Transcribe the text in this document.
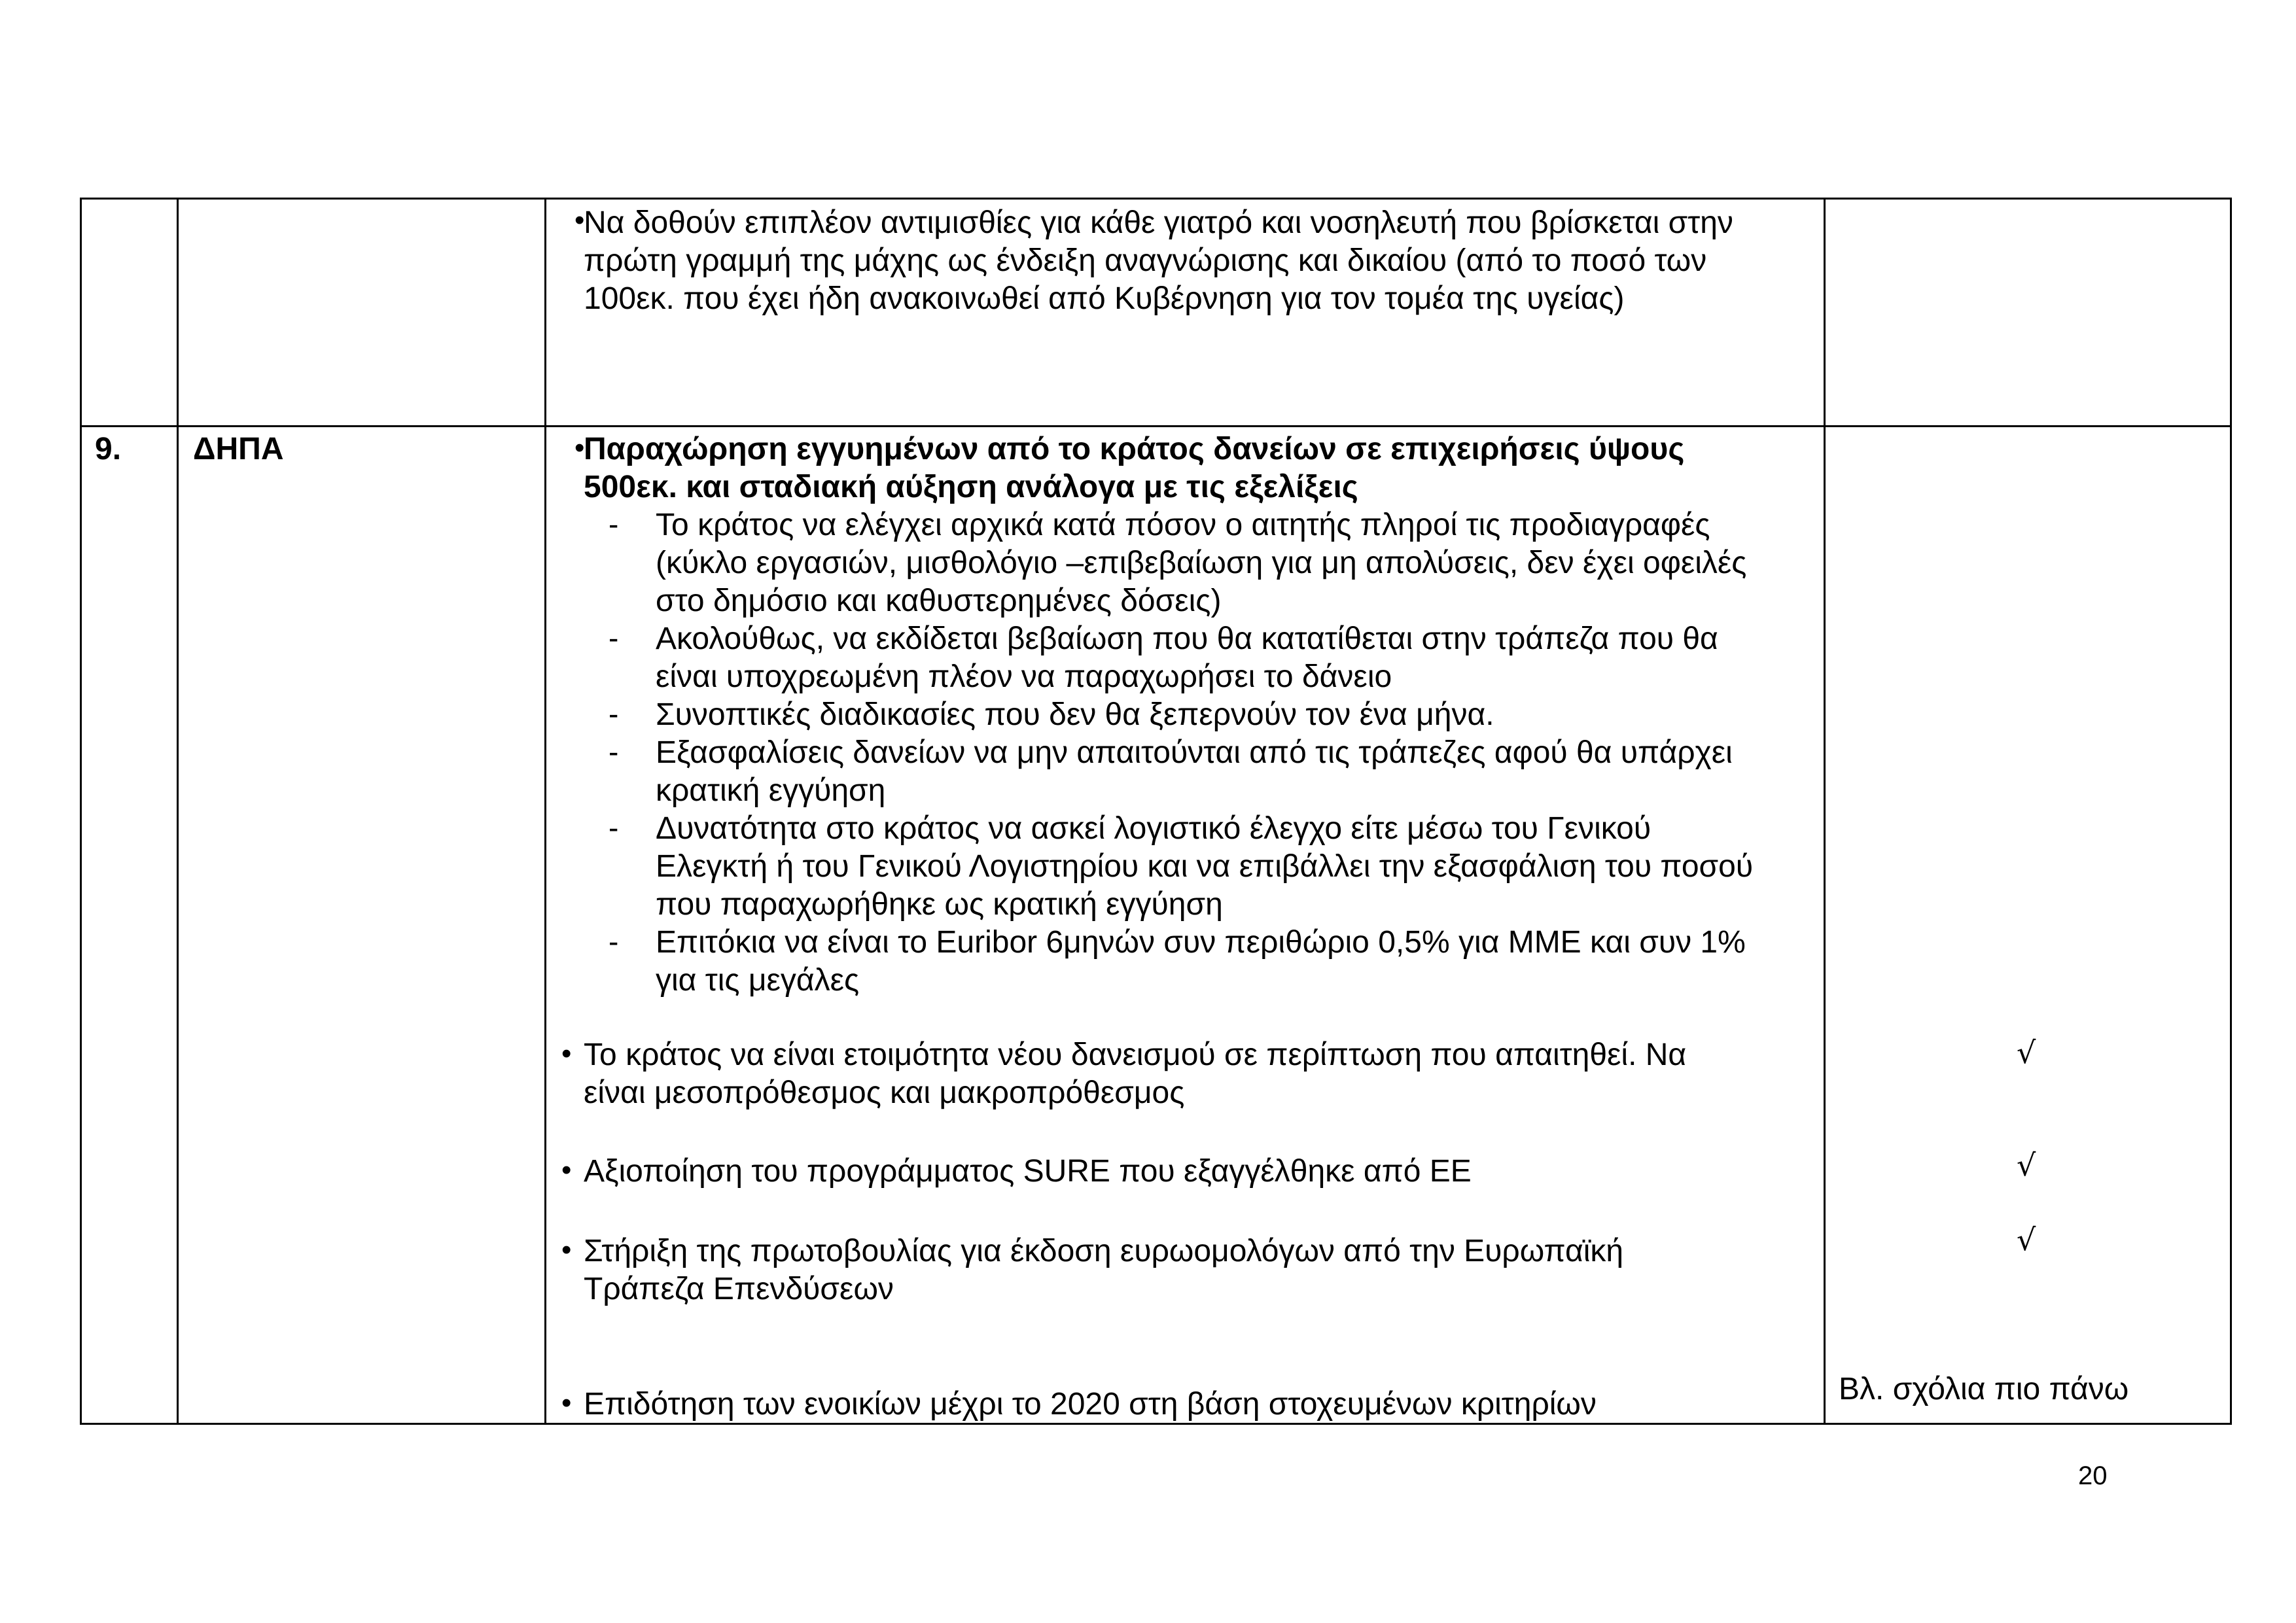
•
Να δοθούν επιπλέον αντιμισθίες για κάθε γιατρό και νοσηλευτή που βρίσκεται στην
πρώτη γραμμή της μάχης ως ένδειξη αναγνώρισης και δικαίου (από το ποσό των
100εκ. που έχει ήδη ανακοινωθεί από Κυβέρνηση για τον τομέα της υγείας)
9. ΔΗΠΑ	•
Παραχώρηση εγγυημένων από το κράτος δανείων σε επιχειρήσεις ύψους
500εκ. και σταδιακή αύξηση ανάλογα με τις εξελίξεις
- Το κράτος να ελέγχει αρχικά κατά πόσον ο αιτητής πληροί τις προδιαγραφές
(κύκλο εργασιών, μισθολόγιο –επιβεβαίωση για μη απολύσεις, δεν έχει οφειλές
στο δημόσιο και καθυστερημένες δόσεις)
- Ακολούθως, να εκδίδεται βεβαίωση που θα κατατίθεται στην τράπεζα που θα
είναι υποχρεωμένη πλέον να παραχωρήσει το δάνειο
- Συνοπτικές διαδικασίες που δεν θα ξεπερνούν τον ένα μήνα.
- Εξασφαλίσεις δανείων να μην απαιτούνται από τις τράπεζες αφού θα υπάρχει
κρατική εγγύηση
- Δυνατότητα στο κράτος να ασκεί λογιστικό έλεγχο είτε μέσω του Γενικού
Ελεγκτή ή του Γενικού Λογιστηρίου και να επιβάλλει την εξασφάλιση του ποσού
που παραχωρήθηκε ως κρατική εγγύηση
- Επιτόκια να είναι το Euribor 6μηνών συν περιθώριο 0,5% για ΜΜΕ και συν 1%
για τις μεγάλες
• Το κράτος να είναι ετοιμότητα νέου δανεισμού σε περίπτωση που απαιτηθεί. Να
είναι μεσοπρόθεσμος και μακροπρόθεσμος
• Αξιοποίηση του προγράμματος SURE που εξαγγέλθηκε από ΕΕ
• Στήριξη της πρωτοβουλίας για έκδοση ευρωομολόγων από την Ευρωπαϊκή
Τράπεζα Επενδύσεων
• Επιδότηση των ενοικίων μέχρι το 2020 στη βάση στοχευμένων κριτηρίων
√
√
√
Βλ. σχόλια πιο πάνω
20
